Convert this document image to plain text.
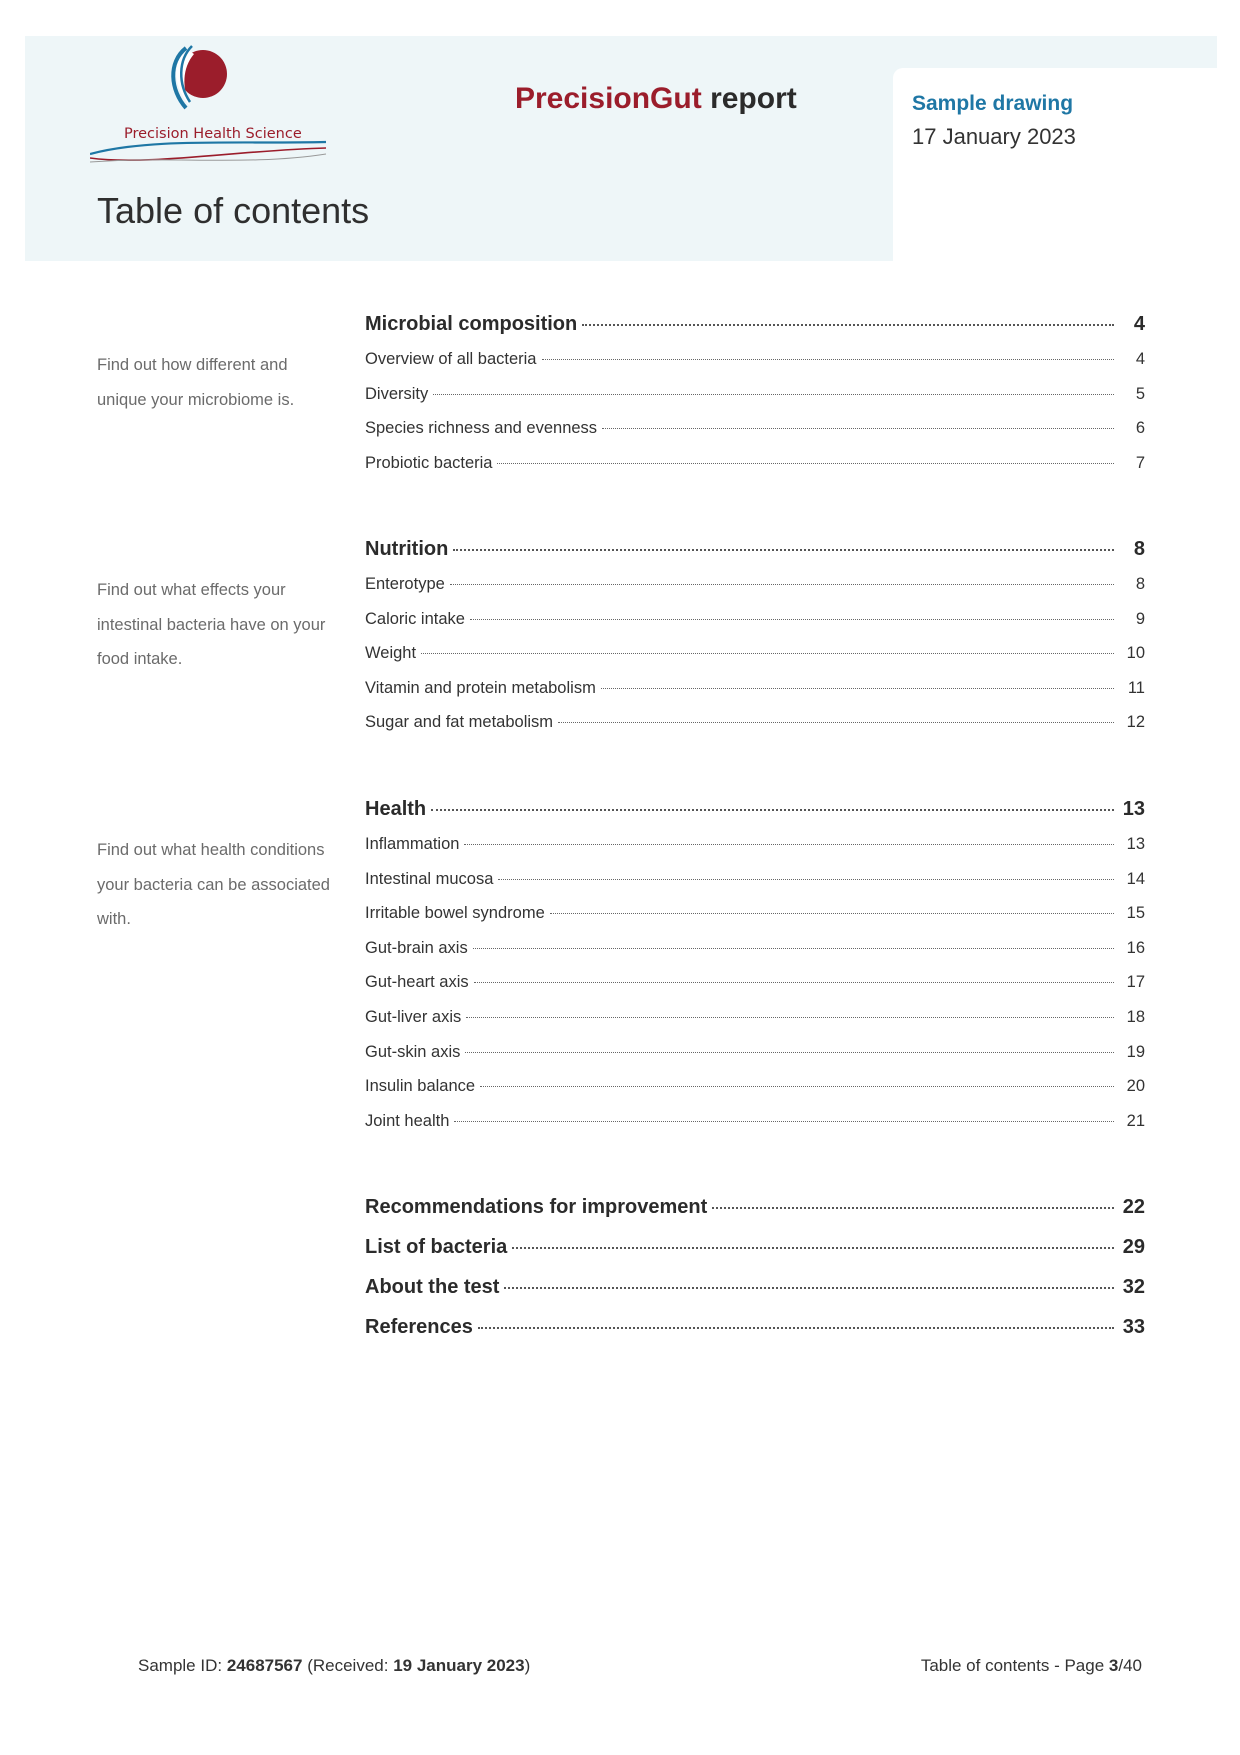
Precision Health Science
PrecisionGut report	Sample drawing
17 January 2023
Table of contents
Find out how different and unique your microbiome is.
Microbial composition	4
Overview of all bacteria	4
Diversity	5
Species richness and evenness	6
Probiotic bacteria	7
Find out what effects your intestinal bacteria have on your food intake.
Nutrition	8
Enterotype	8
Caloric intake	9
Weight	10
Vitamin and protein metabolism	11
Sugar and fat metabolism	12
Find out what health conditions your bacteria can be associated with.
Health	13
Inflammation	13
Intestinal mucosa	14
Irritable bowel syndrome	15
Gut-brain axis	16
Gut-heart axis	17
Gut-liver axis	18
Gut-skin axis	19
Insulin balance	20
Joint health	21
Recommendations for improvement	22
List of bacteria	29
About the test	32
References	33
Sample ID: 24687567 (Received: 19 January 2023)	Table of contents - Page 3/40
